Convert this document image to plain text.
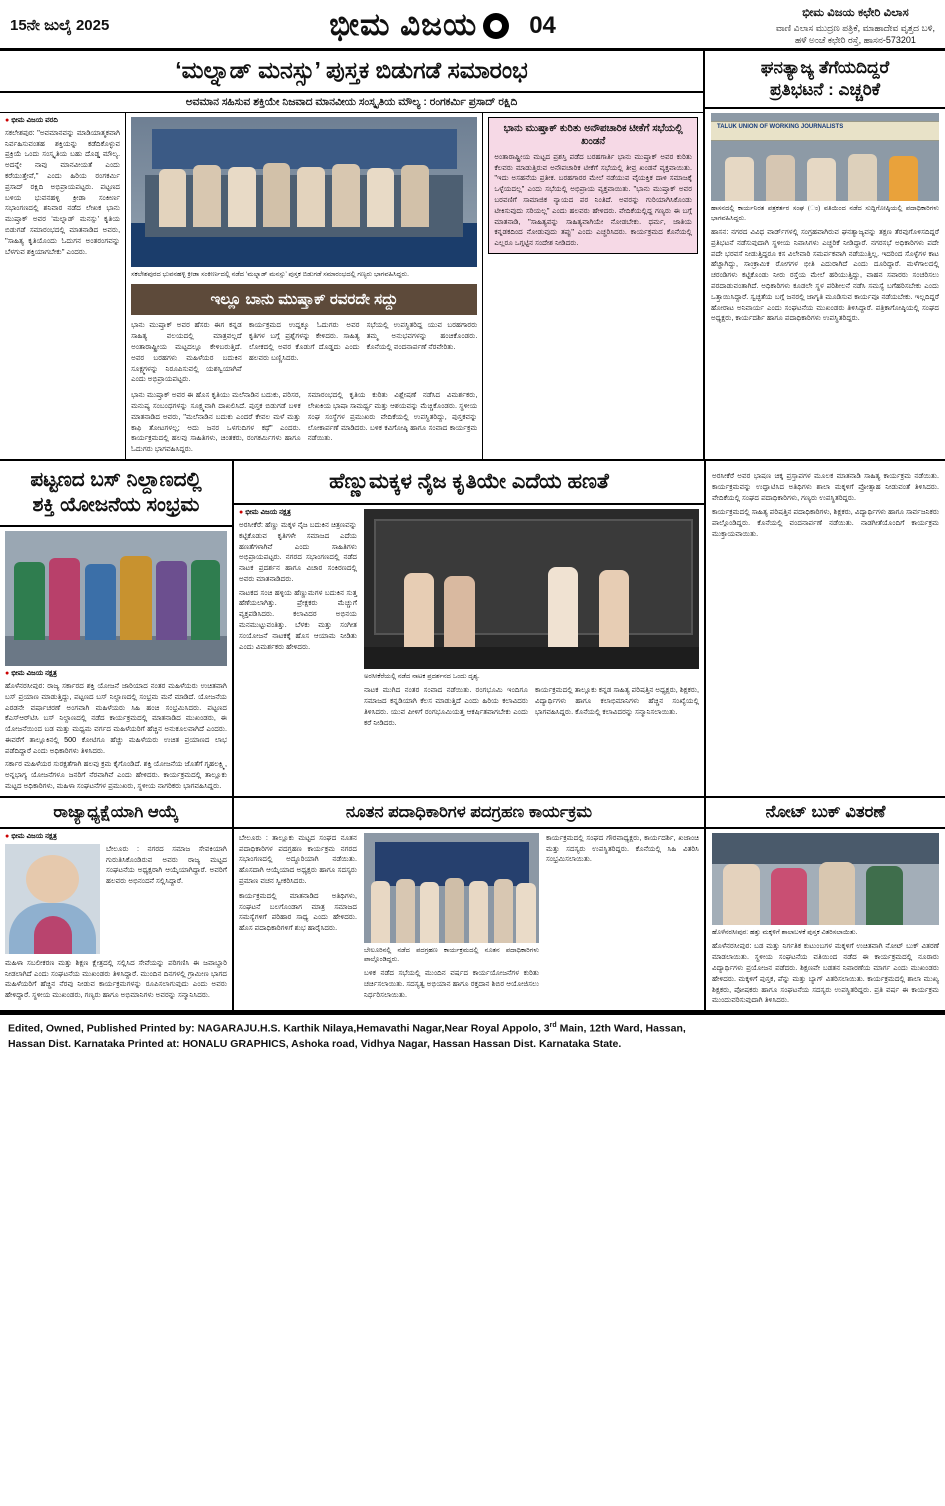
15ನೇ ಜುಲೈ 2025	ಭೀಮ ವಿಜಯ 04	ಭೀಮ ವಿಜಯ ಕಛೇರಿ ವಿಲಾಸ
ವಾಣಿ ವಿಲಾಸ ಮುದ್ರಣ ಪತ್ರಿಕೆ, ಮಾಹಾದೇವ ವೃತ್ತದ ಬಳಿ,
ಹಳೆ ಅಂಚೆ ಕಛೇರಿ ರಸ್ತೆ, ಹಾಸನ-573201
‘ಮಲ್ನಾಡ್ ಮನಸ್ಸು’ ಪುಸ್ತಕ ಬಿಡುಗಡೆ ಸಮಾರಂಭ
ಅವಮಾನ ಸಹಿಸುವ ಶಕ್ತಿಯೇ ನಿಜವಾದ ಮಾನವೀಯ ಸಂಸ್ಕೃತಿಯ ಮೌಲ್ಯ : ರಂಗಕರ್ಮಿ ಪ್ರಸಾದ್ ರಕ್ಷಿದಿ
● ಭೀಮ ವಿಜಯ ವರದಿ
ಸಕಲೇಶಪುರ: ''ಅವಮಾನವನ್ನು ಮಾಡಿಯಾತ್ಮಕವಾಗಿ ನಿರ್ವಹಿಸುವಂತಹ ಶಕ್ತಿಯನ್ನು ಕಡೆದಿಕೊಳ್ಳುವ ಪ್ರಕ್ರಿಯೆ ಒಂದು ಸಂಸ್ಕೃತಿಯ ಬಹು ದೊಡ್ಡ ಮೌಲ್ಯ. ಅದನ್ನೇ ನಾವು ಮಾನವೀಯತೆ ಎಂದು ಕರೆಯುತ್ತೇವೆ,'' ಎಂದು ಹಿರಿಯ ರಂಗಕರ್ಮಿ ಪ್ರಸಾದ್ ರಕ್ಷಿದಿ ಅಭಿಪ್ರಾಯಪಟ್ಟರು. ಪಟ್ಟಣದ ಬಳಿಯ ಭುವನಹಳ್ಳಿ ಕ್ರೀಡಾ ಸಂಕೀರ್ಣ ಸಭಾಂಗಣದಲ್ಲಿ ಶನಿವಾರ ನಡೆದ ಲೇಖಕ ಭಾನು ಮುಷ್ತಾಕ್ ಅವರ ‘ಮಲ್ನಾಡ್ ಮನಸ್ಸು’ ಕೃತಿಯ ಬಿಡುಗಡೆ ಸಮಾರಂಭದಲ್ಲಿ ಮಾತನಾಡಿದ ಅವರು, ''ಸಾಹಿತ್ಯ ಕೃತಿಯೊಂದು ಓದುಗನ ಅಂತರಂಗವನ್ನು ಬೆಳಗುವ ಶಕ್ತಿಯಾಗಬೇಕು'' ಎಂದರು.
ಸಕಲೇಶಪುರದ ಭುವನಹಳ್ಳಿ ಕ್ರೀಡಾ ಸಂಕೀರ್ಣದಲ್ಲಿ ನಡೆದ ‘ಮಲ್ನಾಡ್ ಮನಸ್ಸು’ ಪುಸ್ತಕ ಬಿಡುಗಡೆ ಸಮಾರಂಭದಲ್ಲಿ ಗಣ್ಯರು ಭಾಗವಹಿಸಿದ್ದರು.
ಇಲ್ಲೂ ಬಾನು ಮುಷ್ತಾಕ್ ರವರದೇ ಸದ್ದು
ಭಾನು ಮುಷ್ತಾಕ್ ಅವರ ಹೆಸರು ಈಗ ಕನ್ನಡ ಸಾಹಿತ್ಯ ವಲಯದಲ್ಲಿ ಮಾತ್ರವಲ್ಲದೆ ಅಂತಾರಾಷ್ಟ್ರೀಯ ಮಟ್ಟದಲ್ಲೂ ಕೇಳಿಬರುತ್ತಿದೆ. ಅವರ ಬರಹಗಳು ಮಹಿಳೆಯರ ಬದುಕಿನ ಸೂಕ್ಷ್ಮಗಳನ್ನು ನಿರೂಪಿಸುವಲ್ಲಿ ಯಶಸ್ವಿಯಾಗಿವೆ ಎಂದು ಅಭಿಪ್ರಾಯಪಟ್ಟರು.
ಕಾರ್ಯಕ್ರಮದ ಉದ್ದಕ್ಕೂ ಓದುಗರು ಅವರ ಕೃತಿಗಳ ಬಗ್ಗೆ ಪ್ರಶ್ನೆಗಳನ್ನು ಕೇಳಿದರು. ಸಾಹಿತ್ಯ ಲೋಕದಲ್ಲಿ ಅವರ ಕೊಡುಗೆ ದೊಡ್ಡದು ಎಂದು ಹಲವರು ಬಣ್ಣಿಸಿದರು.
ಸಭೆಯಲ್ಲಿ ಉಪಸ್ಥಿತರಿದ್ದ ಯುವ ಬರಹಗಾರರು ತಮ್ಮ ಅನುಭವಗಳನ್ನು ಹಂಚಿಕೊಂಡರು. ಕೊನೆಯಲ್ಲಿ ವಂದನಾರ್ಪಣೆ ನೆರವೇರಿತು.
ಭಾನು ಮುಷ್ತಾಕ್ ಅವರ ಈ ಹೊಸ ಕೃತಿಯು ಮಲೆನಾಡಿನ ಬದುಕು, ಪರಿಸರ, ಮನುಷ್ಯ ಸಂಬಂಧಗಳನ್ನು ಸೂಕ್ಷ್ಮವಾಗಿ ದಾಖಲಿಸಿದೆ. ಪುಸ್ತಕ ಬಿಡುಗಡೆ ಬಳಿಕ ಮಾತನಾಡಿದ ಅವರು, ''ಮಲೆನಾಡಿನ ಬದುಕು ಎಂದರೆ ಕೇವಲ ಮಳೆ ಮತ್ತು ಕಾಫಿ ತೋಟಗಳಲ್ಲ; ಅದು ಜನರ ಒಳಗುದಿಗಳ ಕಥೆ'' ಎಂದರು. ಕಾರ್ಯಕ್ರಮದಲ್ಲಿ ಹಲವು ಸಾಹಿತಿಗಳು, ಚಿಂತಕರು, ರಂಗಕರ್ಮಿಗಳು ಹಾಗೂ ಓದುಗರು ಭಾಗವಹಿಸಿದ್ದರು.
ಸಮಾರಂಭದಲ್ಲಿ ಕೃತಿಯ ಕುರಿತು ವಿಶ್ಲೇಷಣೆ ನಡೆಸಿದ ವಿಮರ್ಶಕರು, ಲೇಖಕಿಯ ಭಾಷಾ ಸಾಮರ್ಥ್ಯ ಮತ್ತು ಆಶಯವನ್ನು ಮೆಚ್ಚಿಕೊಂಡರು. ಸ್ಥಳೀಯ ಸಂಘ ಸಂಸ್ಥೆಗಳ ಪ್ರಮುಖರು ವೇದಿಕೆಯಲ್ಲಿ ಉಪಸ್ಥಿತರಿದ್ದು, ಪುಸ್ತಕವನ್ನು ಲೋಕಾರ್ಪಣೆ ಮಾಡಿದರು. ಬಳಿಕ ಕವಿಗೋಷ್ಠಿ ಹಾಗೂ ಸಂವಾದ ಕಾರ್ಯಕ್ರಮ ನಡೆಯಿತು.
ಭಾನು ಮುಷ್ತಾಕ್ ಕುರಿತು ಅನೌಪಚಾರಿಕ ಟೀಕೆಗೆ ಸಭೆಯಲ್ಲಿ ಖಂಡನೆ
ಅಂತಾರಾಷ್ಟ್ರೀಯ ಮಟ್ಟದ ಪ್ರಶಸ್ತಿ ಪಡೆದ ಬರಹಗಾರ್ತಿ ಭಾನು ಮುಷ್ತಾಕ್ ಅವರ ಕುರಿತು ಕೆಲವರು ಮಾಡುತ್ತಿರುವ ಅನೌಪಚಾರಿಕ ಟೀಕೆಗೆ ಸಭೆಯಲ್ಲಿ ತೀವ್ರ ಖಂಡನೆ ವ್ಯಕ್ತವಾಯಿತು. ''ಇದು ಅಸಹನೆಯ ಪ್ರತೀಕ. ಬರಹಗಾರರ ಮೇಲೆ ನಡೆಯುವ ವೈಯಕ್ತಿಕ ದಾಳಿ ಸಮಾಜಕ್ಕೆ ಒಳ್ಳೆಯದಲ್ಲ'' ಎಂದು ಸಭೆಯಲ್ಲಿ ಅಭಿಪ್ರಾಯ ವ್ಯಕ್ತವಾಯಿತು. ''ಭಾನು ಮುಷ್ತಾಕ್ ಅವರ ಬರವಣಿಗೆ ಸಾಮಾಜಿಕ ನ್ಯಾಯದ ಪರ ನಿಂತಿದೆ. ಅವರನ್ನು ಗುರಿಯಾಗಿಸಿಕೊಂಡು ಟೀಕಿಸುವುದು ಸರಿಯಲ್ಲ'' ಎಂದು ಹಲವರು ಹೇಳಿದರು. ವೇದಿಕೆಯಲ್ಲಿದ್ದ ಗಣ್ಯರು ಈ ಬಗ್ಗೆ ಮಾತನಾಡಿ, ''ಸಾಹಿತ್ಯವನ್ನು ಸಾಹಿತ್ಯವಾಗಿಯೇ ನೋಡಬೇಕು. ಧರ್ಮ, ಜಾತಿಯ ಕನ್ನಡಕದಿಂದ ನೋಡುವುದು ತಪ್ಪು'' ಎಂದು ಎಚ್ಚರಿಸಿದರು. ಕಾರ್ಯಕ್ರಮದ ಕೊನೆಯಲ್ಲಿ ಎಲ್ಲರೂ ಒಗ್ಗಟ್ಟಿನ ಸಂದೇಶ ನೀಡಿದರು.
ಘನತ್ಯಾಜ್ಯ ತೆಗೆಯದಿದ್ದರೆ
ಪ್ರತಿಭಟನೆ : ಎಚ್ಚರಿಕೆ
TALUK UNION OF WORKING JOURNALISTS
ಹಾಸನದಲ್ಲಿ ಕಾರ್ಯನಿರತ ಪತ್ರಕರ್ತರ ಸಂಘ (ಂ) ವತಿಯಿಂದ ನಡೆದ ಸುದ್ದಿಗೋಷ್ಠಿಯಲ್ಲಿ ಪದಾಧಿಕಾರಿಗಳು ಭಾಗವಹಿಸಿದ್ದರು.
ಹಾಸನ: ನಗರದ ವಿವಿಧ ವಾರ್ಡ್‌ಗಳಲ್ಲಿ ಸಂಗ್ರಹವಾಗಿರುವ ಘನತ್ಯಾಜ್ಯವನ್ನು ತಕ್ಷಣ ತೆರವುಗೊಳಿಸದಿದ್ದರೆ ಪ್ರತಿಭಟನೆ ನಡೆಸುವುದಾಗಿ ಸ್ಥಳೀಯ ನಿವಾಸಿಗಳು ಎಚ್ಚರಿಕೆ ನೀಡಿದ್ದಾರೆ. ನಗರಸಭೆ ಅಧಿಕಾರಿಗಳು ಪದೇ ಪದೇ ಭರವಸೆ ನೀಡುತ್ತಿದ್ದರೂ ಕಸ ವಿಲೇವಾರಿ ಸಮರ್ಪಕವಾಗಿ ನಡೆಯುತ್ತಿಲ್ಲ. ಇದರಿಂದ ಸೊಳ್ಳೆಗಳ ಕಾಟ ಹೆಚ್ಚಾಗಿದ್ದು, ಸಾಂಕ್ರಾಮಿಕ ರೋಗಗಳ ಭೀತಿ ಎದುರಾಗಿದೆ ಎಂದು ದೂರಿದ್ದಾರೆ. ಮಳೆಗಾಲದಲ್ಲಿ ಚರಂಡಿಗಳು ಕಟ್ಟಿಕೊಂಡು ನೀರು ರಸ್ತೆಯ ಮೇಲೆ ಹರಿಯುತ್ತಿದ್ದು, ವಾಹನ ಸವಾರರು ಸಂಚರಿಸಲು ಪರದಾಡುವಂತಾಗಿದೆ. ಅಧಿಕಾರಿಗಳು ಕೂಡಲೇ ಸ್ಥಳ ಪರಿಶೀಲನೆ ನಡೆಸಿ ಸಮಸ್ಯೆ ಬಗೆಹರಿಸಬೇಕು ಎಂದು ಒತ್ತಾಯಿಸಿದ್ದಾರೆ. ಸ್ವಚ್ಛತೆಯ ಬಗ್ಗೆ ಜನರಲ್ಲಿ ಜಾಗೃತಿ ಮೂಡಿಸುವ ಕಾರ್ಯವೂ ನಡೆಯಬೇಕು. ಇಲ್ಲದಿದ್ದರೆ ಹೋರಾಟ ಅನಿವಾರ್ಯ ಎಂದು ಸಂಘಟನೆಯ ಮುಖಂಡರು ತಿಳಿಸಿದ್ದಾರೆ. ಪತ್ರಿಕಾಗೋಷ್ಠಿಯಲ್ಲಿ ಸಂಘದ ಅಧ್ಯಕ್ಷರು, ಕಾರ್ಯದರ್ಶಿ ಹಾಗೂ ಪದಾಧಿಕಾರಿಗಳು ಉಪಸ್ಥಿತರಿದ್ದರು.
ಪಟ್ಟಣದ ಬಸ್ ನಿಲ್ದಾಣದಲ್ಲಿ
ಶಕ್ತಿ ಯೋಜನೆಯ ಸಂಭ್ರಮ
● ಭೀಮ ವಿಜಯ ನಕ್ಷತ್ರ
ಹೊಳೆನರಸೀಪುರ: ರಾಜ್ಯ ಸರ್ಕಾರದ ಶಕ್ತಿ ಯೋಜನೆ ಜಾರಿಯಾದ ನಂತರ ಮಹಿಳೆಯರು ಉಚಿತವಾಗಿ ಬಸ್ ಪ್ರಯಾಣ ಮಾಡುತ್ತಿದ್ದು, ಪಟ್ಟಣದ ಬಸ್ ನಿಲ್ದಾಣದಲ್ಲಿ ಸಂಭ್ರಮ ಮನೆ ಮಾಡಿದೆ. ಯೋಜನೆಯ ಎರಡನೇ ವರ್ಷಾಚರಣೆ ಅಂಗವಾಗಿ ಮಹಿಳೆಯರು ಸಿಹಿ ಹಂಚಿ ಸಂಭ್ರಮಿಸಿದರು. ಪಟ್ಟಣದ ಕೆಎಸ್ಆರ್‌ಟಿಸಿ ಬಸ್ ನಿಲ್ದಾಣದಲ್ಲಿ ನಡೆದ ಕಾರ್ಯಕ್ರಮದಲ್ಲಿ ಮಾತನಾಡಿದ ಮುಖಂಡರು, ಈ ಯೋಜನೆಯಿಂದ ಬಡ ಮತ್ತು ಮಧ್ಯಮ ವರ್ಗದ ಮಹಿಳೆಯರಿಗೆ ಹೆಚ್ಚಿನ ಅನುಕೂಲವಾಗಿದೆ ಎಂದರು. ಈವರೆಗೆ ತಾಲ್ಲೂಕಿನಲ್ಲಿ 500 ಕೋಟಿಗೂ ಹೆಚ್ಚು ಮಹಿಳೆಯರು ಉಚಿತ ಪ್ರಯಾಣದ ಲಾಭ ಪಡೆದಿದ್ದಾರೆ ಎಂದು ಅಧಿಕಾರಿಗಳು ತಿಳಿಸಿದರು.
ಸರ್ಕಾರ ಮಹಿಳೆಯರ ಸುರಕ್ಷತೆಗಾಗಿ ಹಲವು ಕ್ರಮ ಕೈಗೊಂಡಿದೆ. ಶಕ್ತಿ ಯೋಜನೆಯ ಜೊತೆಗೆ ಗೃಹಲಕ್ಷ್ಮಿ, ಅನ್ನಭಾಗ್ಯ ಯೋಜನೆಗಳೂ ಜನರಿಗೆ ನೆರವಾಗಿವೆ ಎಂದು ಹೇಳಿದರು. ಕಾರ್ಯಕ್ರಮದಲ್ಲಿ ತಾಲ್ಲೂಕು ಮಟ್ಟದ ಅಧಿಕಾರಿಗಳು, ಮಹಿಳಾ ಸಂಘಟನೆಗಳ ಪ್ರಮುಖರು, ಸ್ಥಳೀಯ ನಾಗರಿಕರು ಭಾಗವಹಿಸಿದ್ದರು.
ಹೆಣ್ಣುಮಕ್ಕಳ ನೈಜ ಕೃತಿಯೇ ಎದೆಯ ಹಣತೆ
● ಭೀಮ ವಿಜಯ ನಕ್ಷತ್ರ
ಅರಸೀಕೆರೆ: ಹೆಣ್ಣು ಮಕ್ಕಳ ನೈಜ ಬದುಕಿನ ಚಿತ್ರಣವನ್ನು ಕಟ್ಟಿಕೊಡುವ ಕೃತಿಗಳೇ ಸಮಾಜದ ಎದೆಯ ಹಣತೆಗಳಾಗಿವೆ ಎಂದು ಸಾಹಿತಿಗಳು ಅಭಿಪ್ರಾಯಪಟ್ಟರು. ನಗರದ ಸಭಾಂಗಣದಲ್ಲಿ ನಡೆದ ನಾಟಕ ಪ್ರದರ್ಶನ ಹಾಗೂ ವಿಚಾರ ಸಂಕಿರಣದಲ್ಲಿ ಅವರು ಮಾತನಾಡಿದರು.
ನಾಟಕದ ಸಂಚಿ ಹಳ್ಳಿಯ ಹೆಣ್ಣುಮಗಳ ಬದುಕಿನ ಸುತ್ತ ಹೆಣೆಯಲಾಗಿತ್ತು. ಪ್ರೇಕ್ಷಕರು ಮೆಚ್ಚುಗೆ ವ್ಯಕ್ತಪಡಿಸಿದರು. ಕಲಾವಿದರ ಅಭಿನಯ ಮನಮುಟ್ಟುವಂತಿತ್ತು. ಬೆಳಕು ಮತ್ತು ಸಂಗೀತ ಸಂಯೋಜನೆ ನಾಟಕಕ್ಕೆ ಹೊಸ ಆಯಾಮ ನೀಡಿತು ಎಂದು ವಿಮರ್ಶಕರು ಹೇಳಿದರು.
ಅರಸೀಕೆರೆಯಲ್ಲಿ ನಡೆದ ನಾಟಕ ಪ್ರದರ್ಶನದ ಒಂದು ದೃಶ್ಯ.
ನಾಟಕ ಮುಗಿದ ನಂತರ ಸಂವಾದ ನಡೆಯಿತು. ರಂಗಭೂಮಿ ಇಂದಿಗೂ ಸಮಾಜದ ಕನ್ನಡಿಯಾಗಿ ಕೆಲಸ ಮಾಡುತ್ತಿದೆ ಎಂದು ಹಿರಿಯ ಕಲಾವಿದರು ತಿಳಿಸಿದರು. ಯುವ ಪೀಳಿಗೆ ರಂಗಭೂಮಿಯತ್ತ ಆಕರ್ಷಿತವಾಗಬೇಕು ಎಂದು ಕರೆ ನೀಡಿದರು.
ಕಾರ್ಯಕ್ರಮದಲ್ಲಿ ತಾಲ್ಲೂಕು ಕನ್ನಡ ಸಾಹಿತ್ಯ ಪರಿಷತ್ತಿನ ಅಧ್ಯಕ್ಷರು, ಶಿಕ್ಷಕರು, ವಿದ್ಯಾರ್ಥಿಗಳು ಹಾಗೂ ಕಲಾಭಿಮಾನಿಗಳು ಹೆಚ್ಚಿನ ಸಂಖ್ಯೆಯಲ್ಲಿ ಭಾಗವಹಿಸಿದ್ದರು. ಕೊನೆಯಲ್ಲಿ ಕಲಾವಿದರನ್ನು ಸನ್ಮಾನಿಸಲಾಯಿತು.
ಅರಸೀಕೆರೆ ಅವರ ಭಾಷಣ ಚಿಕ್ಕ ಪ್ರಸ್ತಾಪಗಳ ಮೂಲಕ ಮಾತನಾಡಿ ಸಾಹಿತ್ಯ ಕಾರ್ಯಕ್ರಮ ನಡೆಯಿತು. ಕಾರ್ಯಕ್ರಮವನ್ನು ಉದ್ಘಾಟಿಸಿದ ಅತಿಥಿಗಳು ಶಾಲಾ ಮಕ್ಕಳಿಗೆ ಪ್ರೋತ್ಸಾಹ ನೀಡುವಂತೆ ತಿಳಿಸಿದರು. ವೇದಿಕೆಯಲ್ಲಿ ಸಂಘದ ಪದಾಧಿಕಾರಿಗಳು, ಗಣ್ಯರು ಉಪಸ್ಥಿತರಿದ್ದರು.
ಕಾರ್ಯಕ್ರಮದಲ್ಲಿ ಸಾಹಿತ್ಯ ಪರಿಷತ್ತಿನ ಪದಾಧಿಕಾರಿಗಳು, ಶಿಕ್ಷಕರು, ವಿದ್ಯಾರ್ಥಿಗಳು ಹಾಗೂ ಸಾರ್ವಜನಿಕರು ಪಾಲ್ಗೊಂಡಿದ್ದರು. ಕೊನೆಯಲ್ಲಿ ವಂದನಾರ್ಪಣೆ ನಡೆಯಿತು. ನಾಡಗೀತೆಯೊಂದಿಗೆ ಕಾರ್ಯಕ್ರಮ ಮುಕ್ತಾಯವಾಯಿತು.
ರಾಜ್ಯಾಧ್ಯಕ್ಷೆಯಾಗಿ ಆಯ್ಕೆ
● ಭೀಮ ವಿಜಯ ನಕ್ಷತ್ರ
ಬೇಲೂರು : ನಗರದ ಸಮಾಜ ಸೇವಕಿಯಾಗಿ ಗುರುತಿಸಿಕೊಂಡಿರುವ ಅವರು ರಾಜ್ಯ ಮಟ್ಟದ ಸಂಘಟನೆಯ ಅಧ್ಯಕ್ಷರಾಗಿ ಆಯ್ಕೆಯಾಗಿದ್ದಾರೆ. ಅವರಿಗೆ ಹಲವರು ಅಭಿನಂದನೆ ಸಲ್ಲಿಸಿದ್ದಾರೆ.
ಮಹಿಳಾ ಸಬಲೀಕರಣ ಮತ್ತು ಶಿಕ್ಷಣ ಕ್ಷೇತ್ರದಲ್ಲಿ ಸಲ್ಲಿಸಿದ ಸೇವೆಯನ್ನು ಪರಿಗಣಿಸಿ ಈ ಜವಾಬ್ದಾರಿ ನೀಡಲಾಗಿದೆ ಎಂದು ಸಂಘಟನೆಯ ಮುಖಂಡರು ತಿಳಿಸಿದ್ದಾರೆ. ಮುಂದಿನ ದಿನಗಳಲ್ಲಿ ಗ್ರಾಮೀಣ ಭಾಗದ ಮಹಿಳೆಯರಿಗೆ ಹೆಚ್ಚಿನ ನೆರವು ನೀಡುವ ಕಾರ್ಯಕ್ರಮಗಳನ್ನು ರೂಪಿಸಲಾಗುವುದು ಎಂದು ಅವರು ಹೇಳಿದ್ದಾರೆ. ಸ್ಥಳೀಯ ಮುಖಂಡರು, ಗಣ್ಯರು ಹಾಗೂ ಅಭಿಮಾನಿಗಳು ಅವರನ್ನು ಸನ್ಮಾನಿಸಿದರು.
ನೂತನ ಪದಾಧಿಕಾರಿಗಳ ಪದಗ್ರಹಣ ಕಾರ್ಯಕ್ರಮ
ಬೇಲೂರು : ತಾಲ್ಲೂಕು ಮಟ್ಟದ ಸಂಘದ ನೂತನ ಪದಾಧಿಕಾರಿಗಳ ಪದಗ್ರಹಣ ಕಾರ್ಯಕ್ರಮ ನಗರದ ಸಭಾಂಗಣದಲ್ಲಿ ಅದ್ಧೂರಿಯಾಗಿ ನಡೆಯಿತು. ಹೊಸದಾಗಿ ಆಯ್ಕೆಯಾದ ಅಧ್ಯಕ್ಷರು ಹಾಗೂ ಸದಸ್ಯರು ಪ್ರಮಾಣ ವಚನ ಸ್ವೀಕರಿಸಿದರು.
ಕಾರ್ಯಕ್ರಮದಲ್ಲಿ ಮಾತನಾಡಿದ ಅತಿಥಿಗಳು, ಸಂಘಟನೆ ಬಲಗೊಂಡಾಗ ಮಾತ್ರ ಸಮಾಜದ ಸಮಸ್ಯೆಗಳಿಗೆ ಪರಿಹಾರ ಸಾಧ್ಯ ಎಂದು ಹೇಳಿದರು. ಹೊಸ ಪದಾಧಿಕಾರಿಗಳಿಗೆ ಶುಭ ಹಾರೈಸಿದರು.
ಬೇಲೂರಿನಲ್ಲಿ ನಡೆದ ಪದಗ್ರಹಣ ಕಾರ್ಯಕ್ರಮದಲ್ಲಿ ನೂತನ ಪದಾಧಿಕಾರಿಗಳು ಪಾಲ್ಗೊಂಡಿದ್ದರು.
ಬಳಿಕ ನಡೆದ ಸಭೆಯಲ್ಲಿ ಮುಂದಿನ ವರ್ಷದ ಕಾರ್ಯಯೋಜನೆಗಳ ಕುರಿತು ಚರ್ಚಿಸಲಾಯಿತು. ಸದಸ್ಯತ್ವ ಅಭಿಯಾನ ಹಾಗೂ ರಕ್ತದಾನ ಶಿಬಿರ ಆಯೋಜಿಸಲು ನಿರ್ಧರಿಸಲಾಯಿತು.
ಕಾರ್ಯಕ್ರಮದಲ್ಲಿ ಸಂಘದ ಗೌರವಾಧ್ಯಕ್ಷರು, ಕಾರ್ಯದರ್ಶಿ, ಖಜಾಂಚಿ ಮತ್ತು ಸದಸ್ಯರು ಉಪಸ್ಥಿತರಿದ್ದರು. ಕೊನೆಯಲ್ಲಿ ಸಿಹಿ ವಿತರಿಸಿ ಸಂಭ್ರಮಿಸಲಾಯಿತು.
ನೋಟ್ ಬುಕ್ ವಿತರಣೆ
ಹೊಳೆನರಸೀಪುರ: ಹತ್ತು ಮಕ್ಕಳಿಗೆ ಶಾಲಾಬಳಕೆ ಪುಸ್ತಕ ವಿತರಿಸಲಾಯಿತು.
ಹೊಳೆನರಸೀಪುರ: ಬಡ ಮತ್ತು ನಿರ್ಗತಿಕ ಕುಟುಂಬಗಳ ಮಕ್ಕಳಿಗೆ ಉಚಿತವಾಗಿ ನೋಟ್ ಬುಕ್ ವಿತರಣೆ ಮಾಡಲಾಯಿತು. ಸ್ಥಳೀಯ ಸಂಘಟನೆಯ ವತಿಯಿಂದ ನಡೆದ ಈ ಕಾರ್ಯಕ್ರಮದಲ್ಲಿ ನೂರಾರು ವಿದ್ಯಾರ್ಥಿಗಳು ಪ್ರಯೋಜನ ಪಡೆದರು. ಶಿಕ್ಷಣವೇ ಬಡತನ ನಿವಾರಣೆಯ ಮಾರ್ಗ ಎಂದು ಮುಖಂಡರು ಹೇಳಿದರು. ಮಕ್ಕಳಿಗೆ ಪುಸ್ತಕ, ಪೆನ್ನು ಮತ್ತು ಬ್ಯಾಗ್ ವಿತರಿಸಲಾಯಿತು. ಕಾರ್ಯಕ್ರಮದಲ್ಲಿ ಶಾಲಾ ಮುಖ್ಯ ಶಿಕ್ಷಕರು, ಪೋಷಕರು ಹಾಗೂ ಸಂಘಟನೆಯ ಸದಸ್ಯರು ಉಪಸ್ಥಿತರಿದ್ದರು. ಪ್ರತಿ ವರ್ಷ ಈ ಕಾರ್ಯಕ್ರಮ ಮುಂದುವರಿಸುವುದಾಗಿ ತಿಳಿಸಿದರು.
Edited, Owned, Published Printed by: NAGARAJU.H.S. Karthik Nilaya,Hemavathi Nagar,Near Royal Appolo, 3rd Main, 12th Ward, Hassan,
Hassan Dist. Karnataka Printed at: HONALU GRAPHICS, Ashoka road, Vidhya Nagar, Hassan Hassan Dist. Karnataka State.
